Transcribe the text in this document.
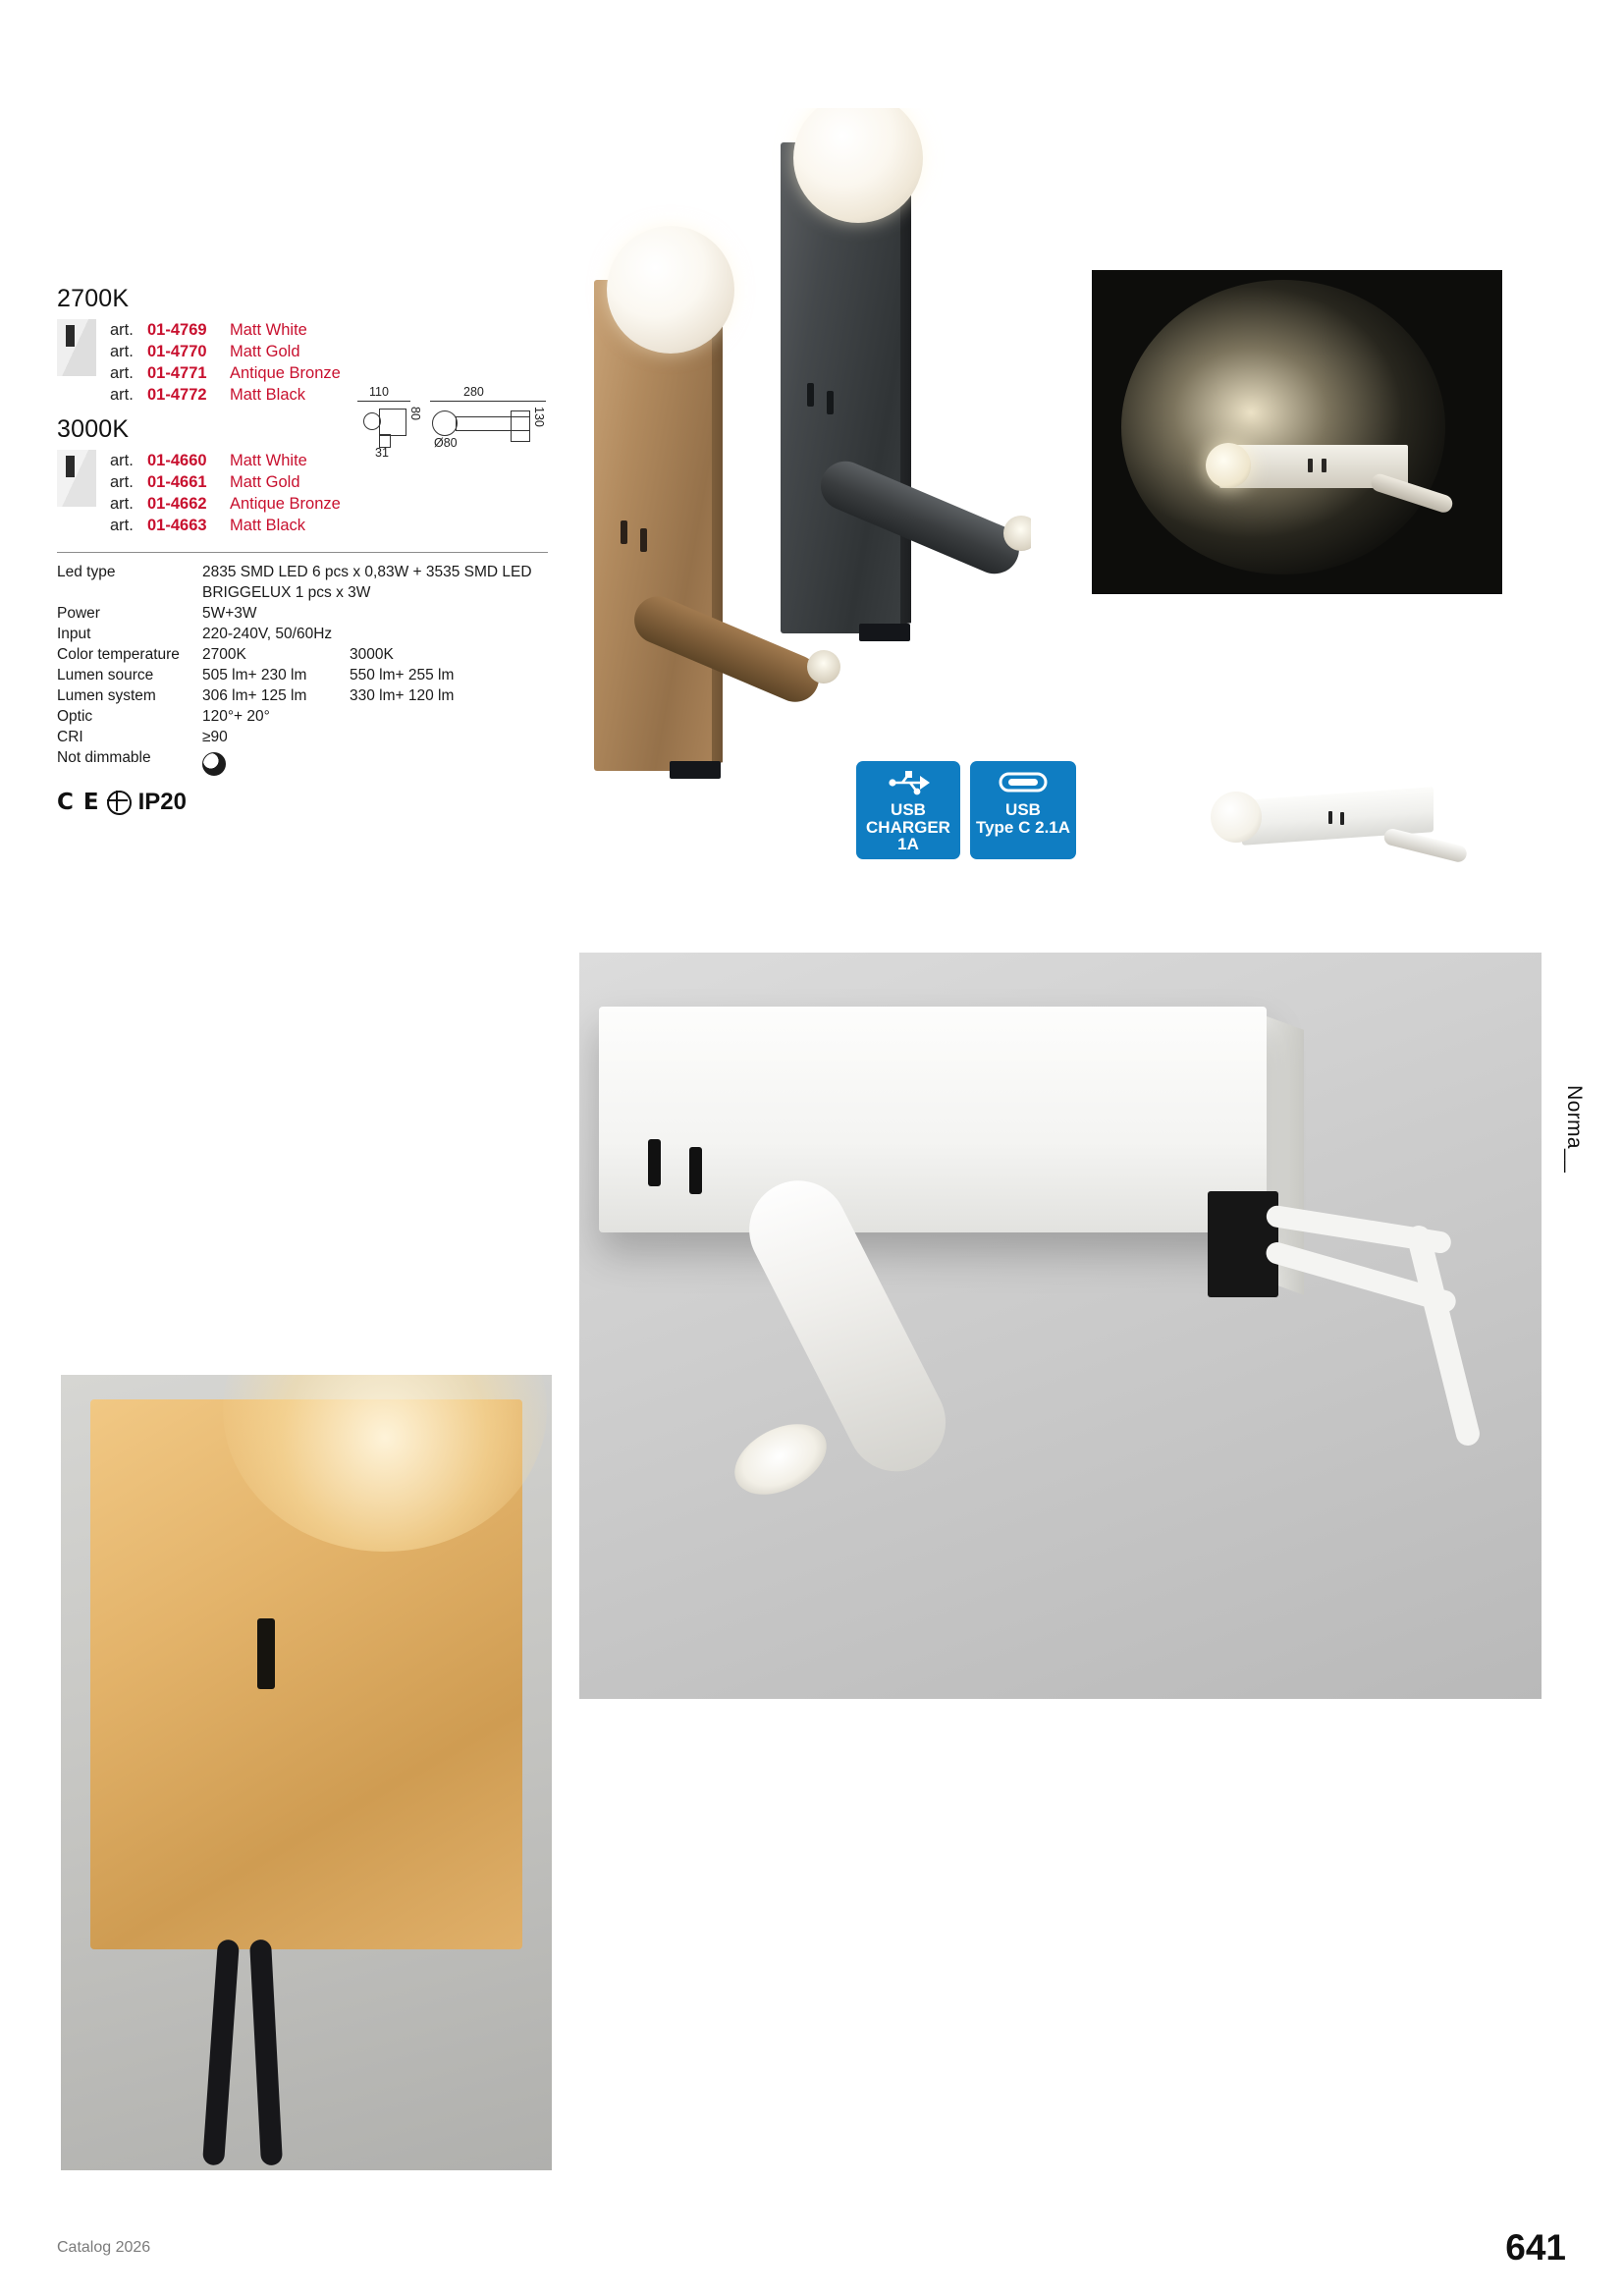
2700K
art. 01-4769	Matt White
art. 01-4770	Matt Gold
art. 01-4771	Antique Bronze
art. 01-4772	Matt Black
3000K
art. 01-4660	Matt White
art. 01-4661	Matt Gold
art. 01-4662	Antique Bronze
art. 01-4663	Matt Black
Led type	2835 SMD LED 6 pcs x 0,83W + 3535 SMD LED
BRIGGELUX 1 pcs x 3W
Power	5W+3W
Input	220-240V, 50/60Hz
Color temperature	2700K	3000K
Lumen source	505 lm+ 230 lm	550 lm+ 255 lm
Lumen system	306 lm+ 125 lm	330 lm+ 120 lm
Optic	120°+ 20°
CRI	≥90
Not dimmable
C E IP20
110
80
31
280
Ø80
130
USB
CHARGER
1A
USB
Type C 2.1A
Norma__
Catalog 2026	641
